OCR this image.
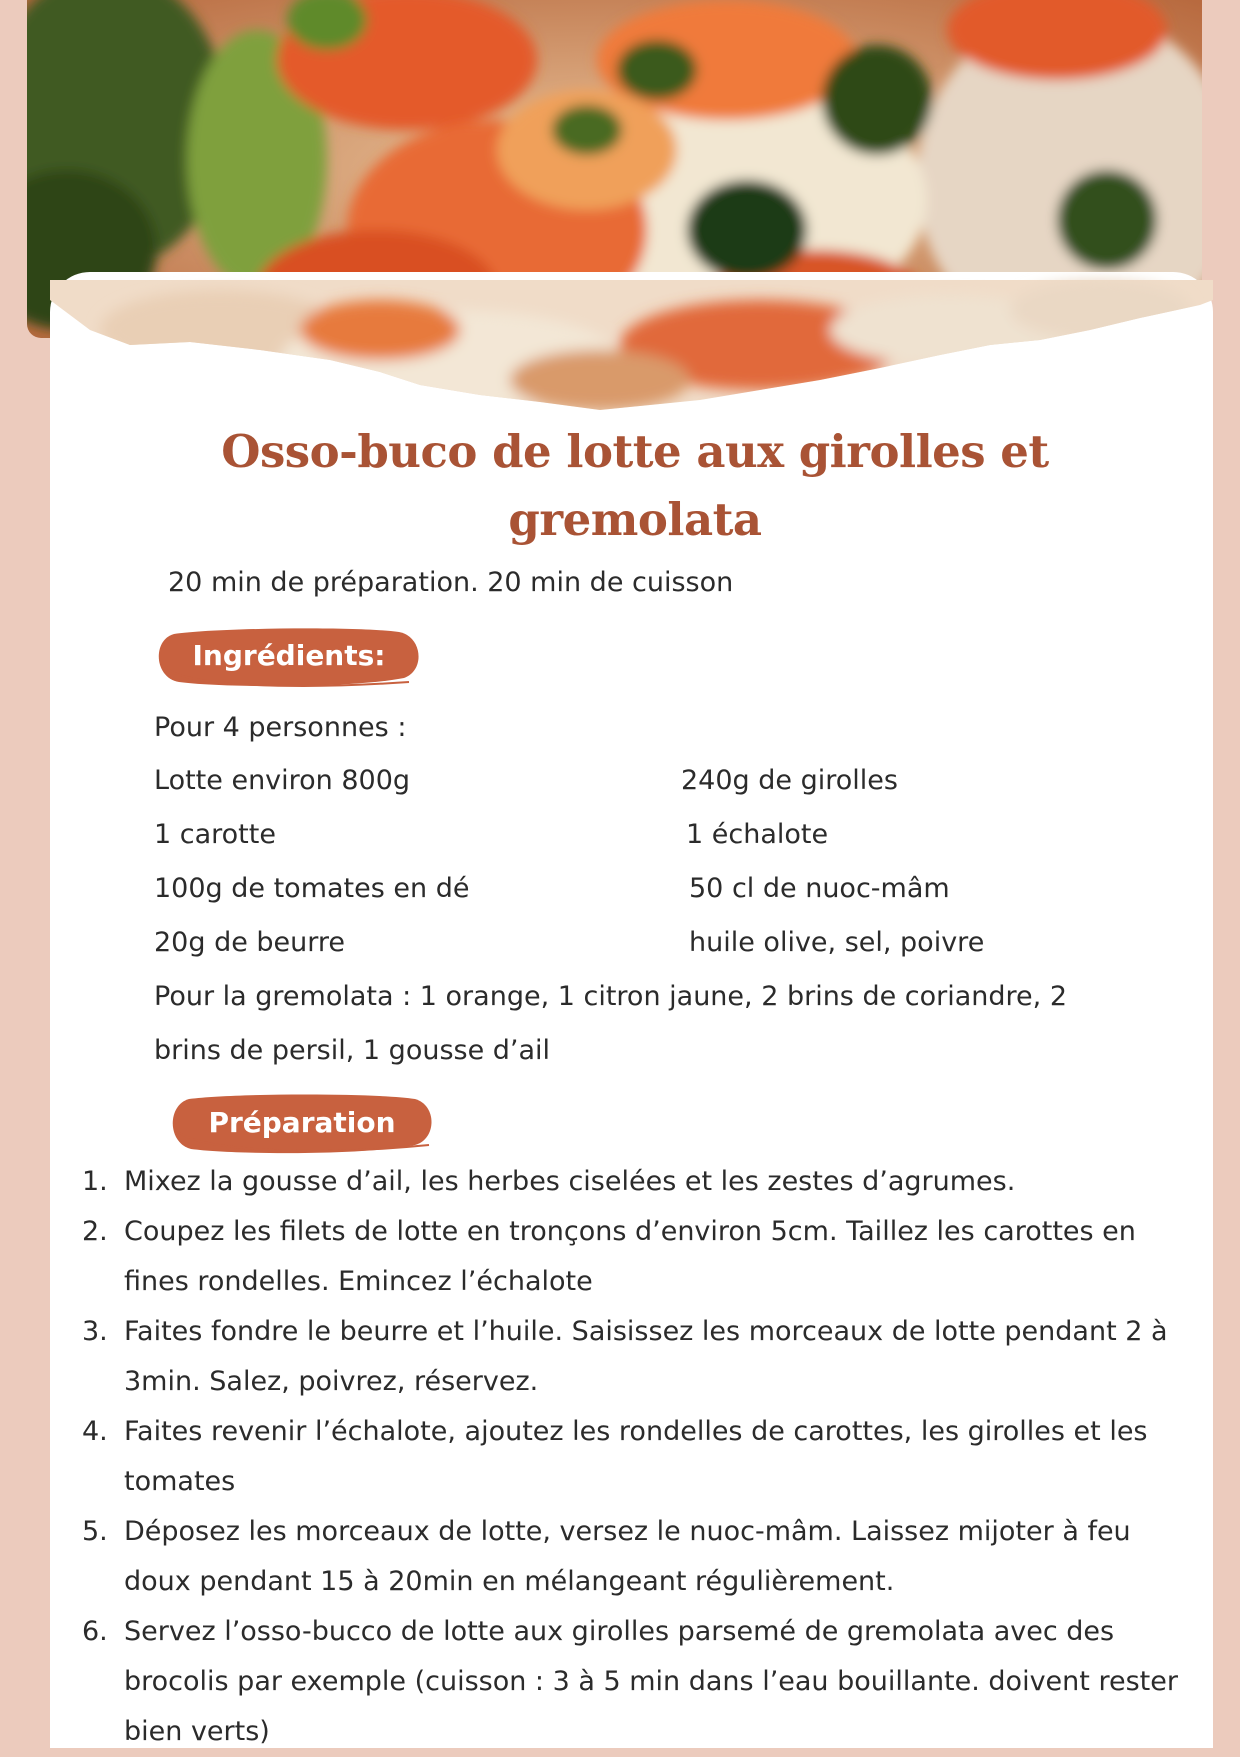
Osso-buco de lotte aux girolles et gremolata

20 min de préparation. 20 min de cuisson

Ingrédients:

Pour 4 personnes :

Lotte environ 800g

1 carotte

100g de tomates en dé

20g de beurre

240g de girolles

1 échalote

50 cl de nuoc-mâm

huile olive, sel, poivre

Pour la gremolata : 1 orange, 1 citron jaune, 2 brins de coriandre, 2

brins de persil, 1 gousse d’ail

Préparation
1. Mixez la gousse d’ail, les herbes ciselées et les zestes d’agrumes.
2. Coupez les filets de lotte en tronçons d’environ 5cm. Taillez les carottes en fines rondelles. Emincez l’échalote
3. Faites fondre le beurre et l’huile. Saisissez les morceaux de lotte pendant 2 à 3min. Salez, poivrez, réservez.
4. Faites revenir l’échalote, ajoutez les rondelles de carottes, les girolles et les tomates
5. Déposez les morceaux de lotte, versez le nuoc-mâm. Laissez mijoter à feu doux pendant 15 à 20min en mélangeant régulièrement.
6. Servez l’osso-bucco de lotte aux girolles parsemé de gremolata avec des brocolis par exemple (cuisson : 3 à 5 min dans l’eau bouillante. doivent rester bien verts)
